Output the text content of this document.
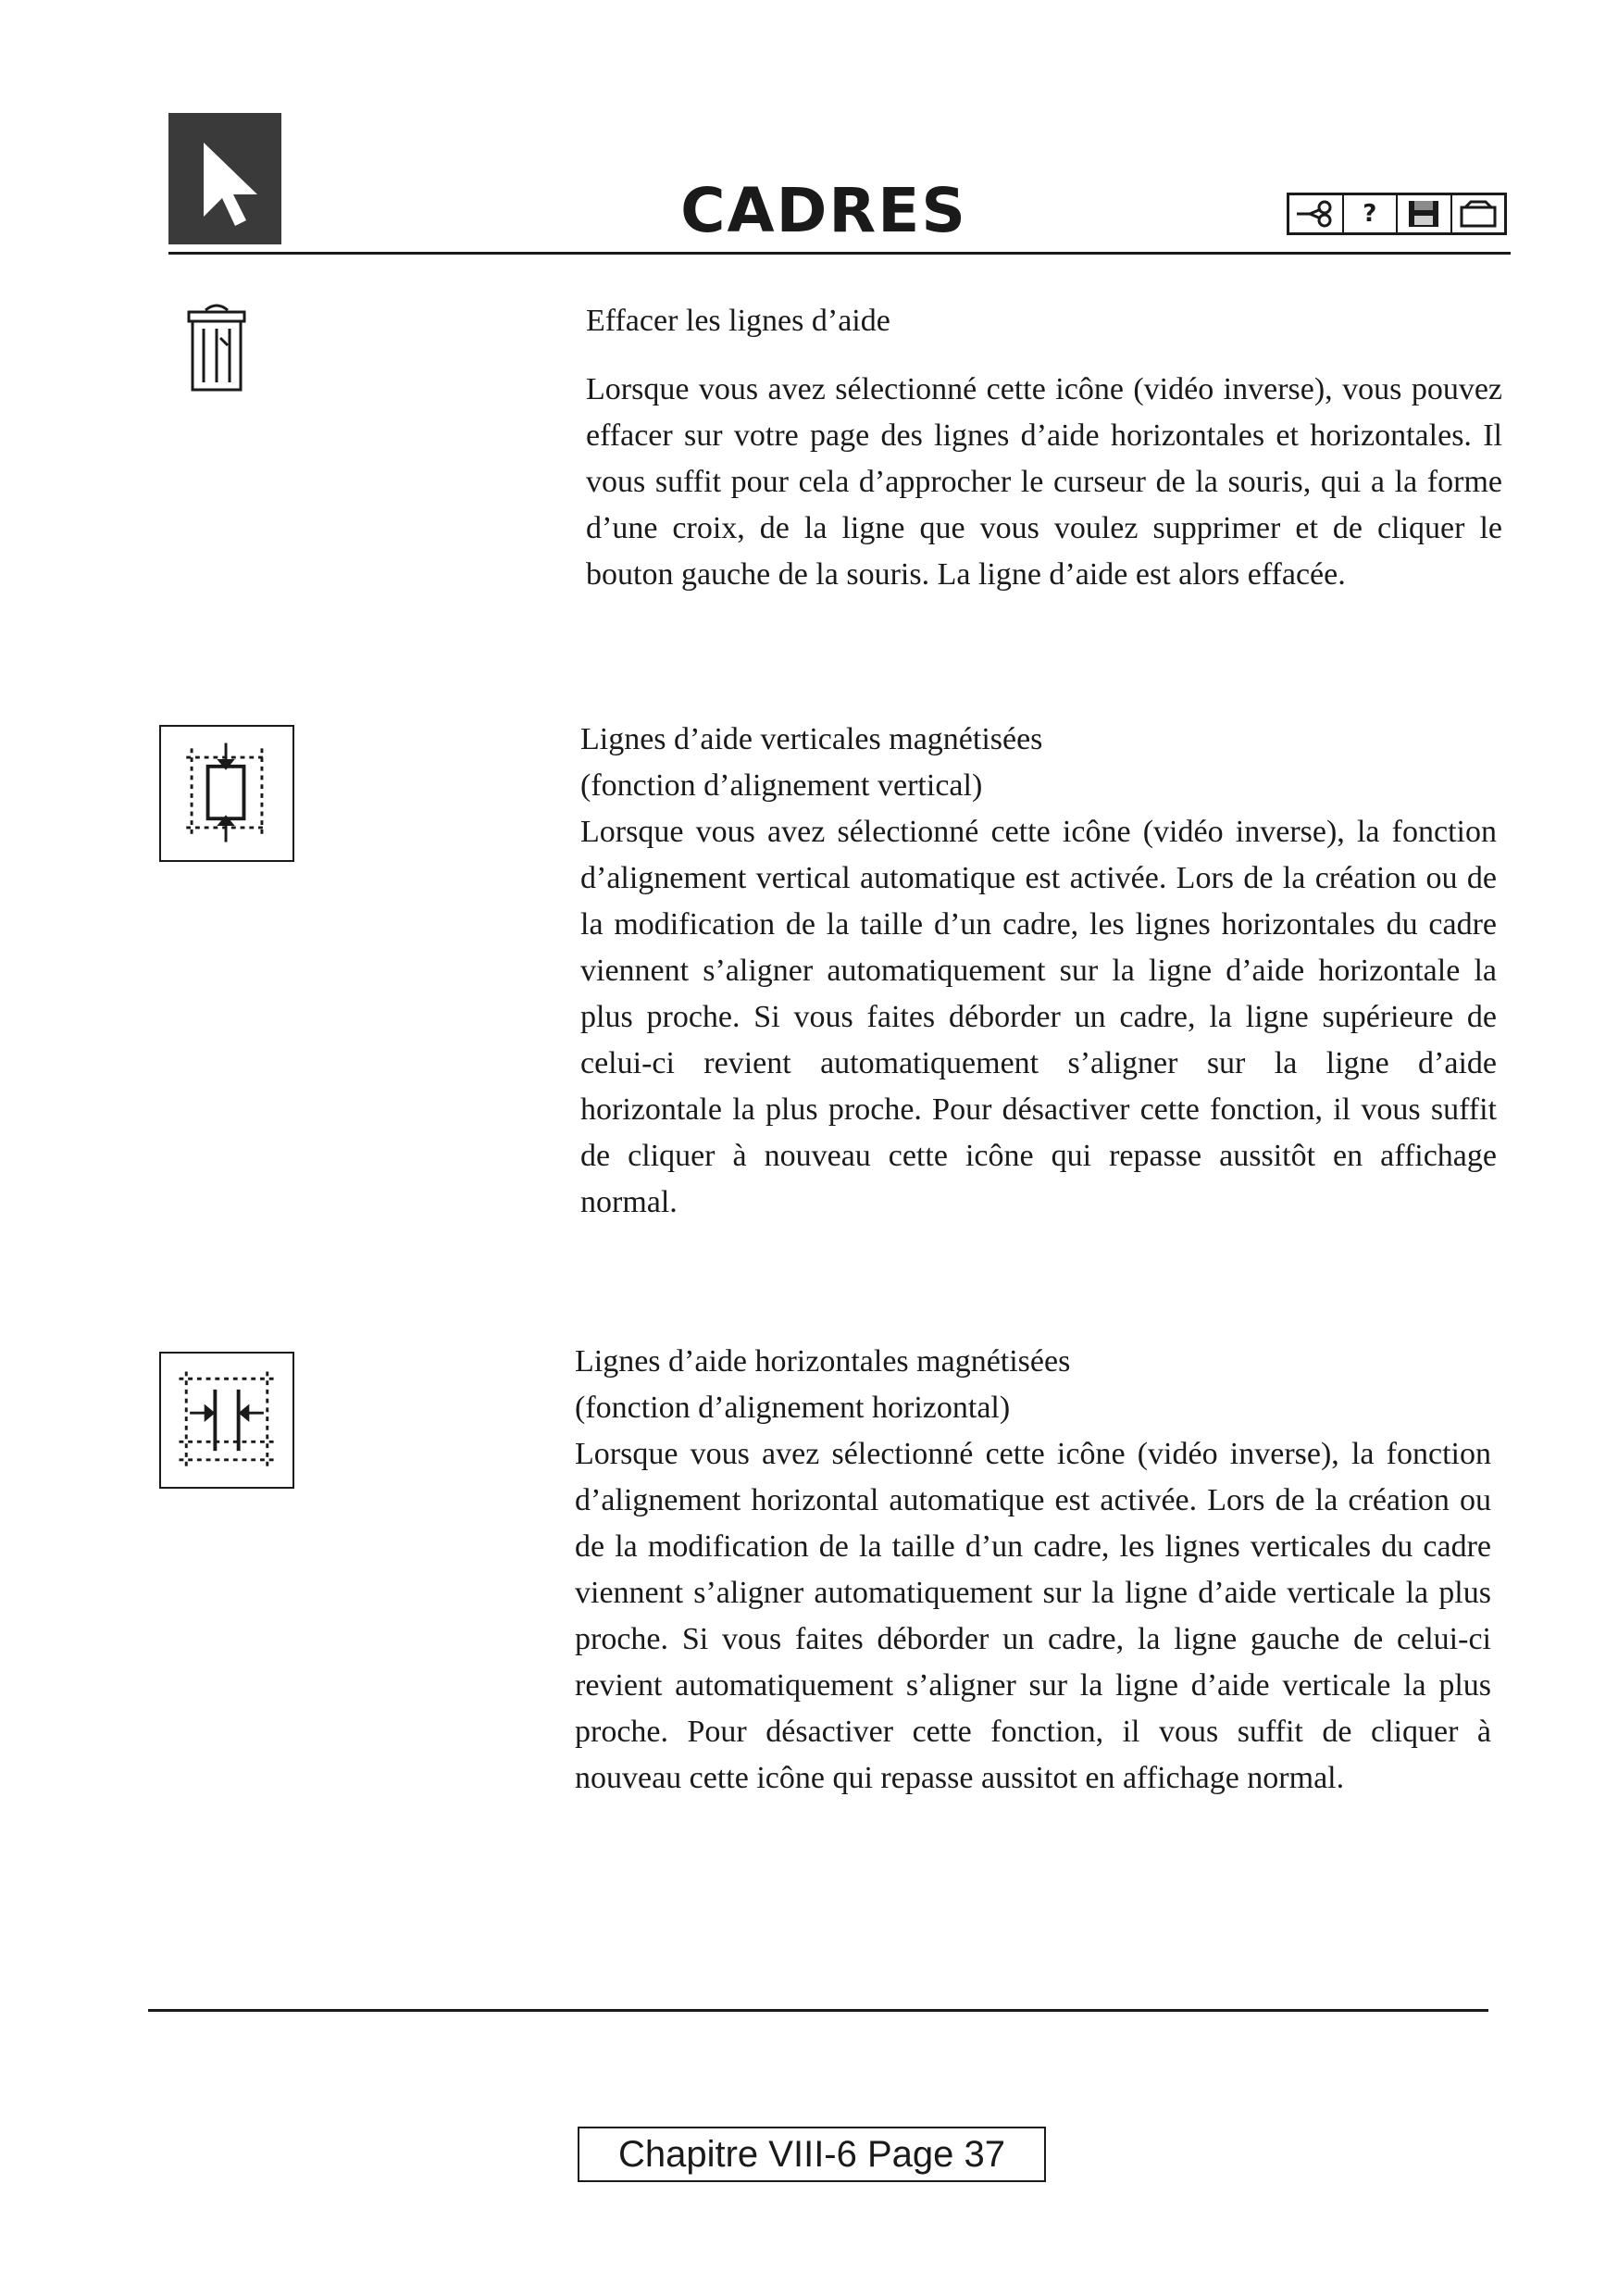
CADRES	?
Effacer les lignes d’aide

Lorsque vous avez sélectionné cette icône (vidéo inverse), vous pouvez effacer sur votre page des lignes d’aide horizontales et horizontales. Il vous suffit pour cela d’approcher le curseur de la souris, qui a la forme d’une croix, de la ligne que vous voulez supprimer et de cliquer le bouton gauche de la souris. La ligne d’aide est alors effacée.

Lignes d’aide verticales magnétisées
(fonction d’alignement vertical)

Lorsque vous avez sélectionné cette icône (vidéo inverse), la fonction d’alignement vertical automatique est activée. Lors de la création ou de la modification de la taille d’un cadre, les lignes horizontales du cadre viennent s’aligner automatiquement sur la ligne d’aide horizontale la plus proche. Si vous faites déborder un cadre, la ligne supérieure de celui-ci revient automatiquement s’aligner sur la ligne d’aide horizontale la plus proche. Pour désactiver cette fonction, il vous suffit de cliquer à nouveau cette icône qui repasse aussitôt en affichage normal.

Lignes d’aide horizontales magnétisées
(fonction d’alignement horizontal)

Lorsque vous avez sélectionné cette icône (vidéo inverse), la fonction d’alignement horizontal automatique est activée. Lors de la création ou de la modification de la taille d’un cadre, les lignes verticales du cadre viennent s’aligner automatiquement sur la ligne d’aide verticale la plus proche. Si vous faites déborder un cadre, la ligne gauche de celui-ci revient automatiquement s’aligner sur la ligne d’aide verticale la plus proche. Pour désactiver cette fonction, il vous suffit de cliquer à nouveau cette icône qui repasse aussitot en affichage normal.

Chapitre VIII-6 Page 37
